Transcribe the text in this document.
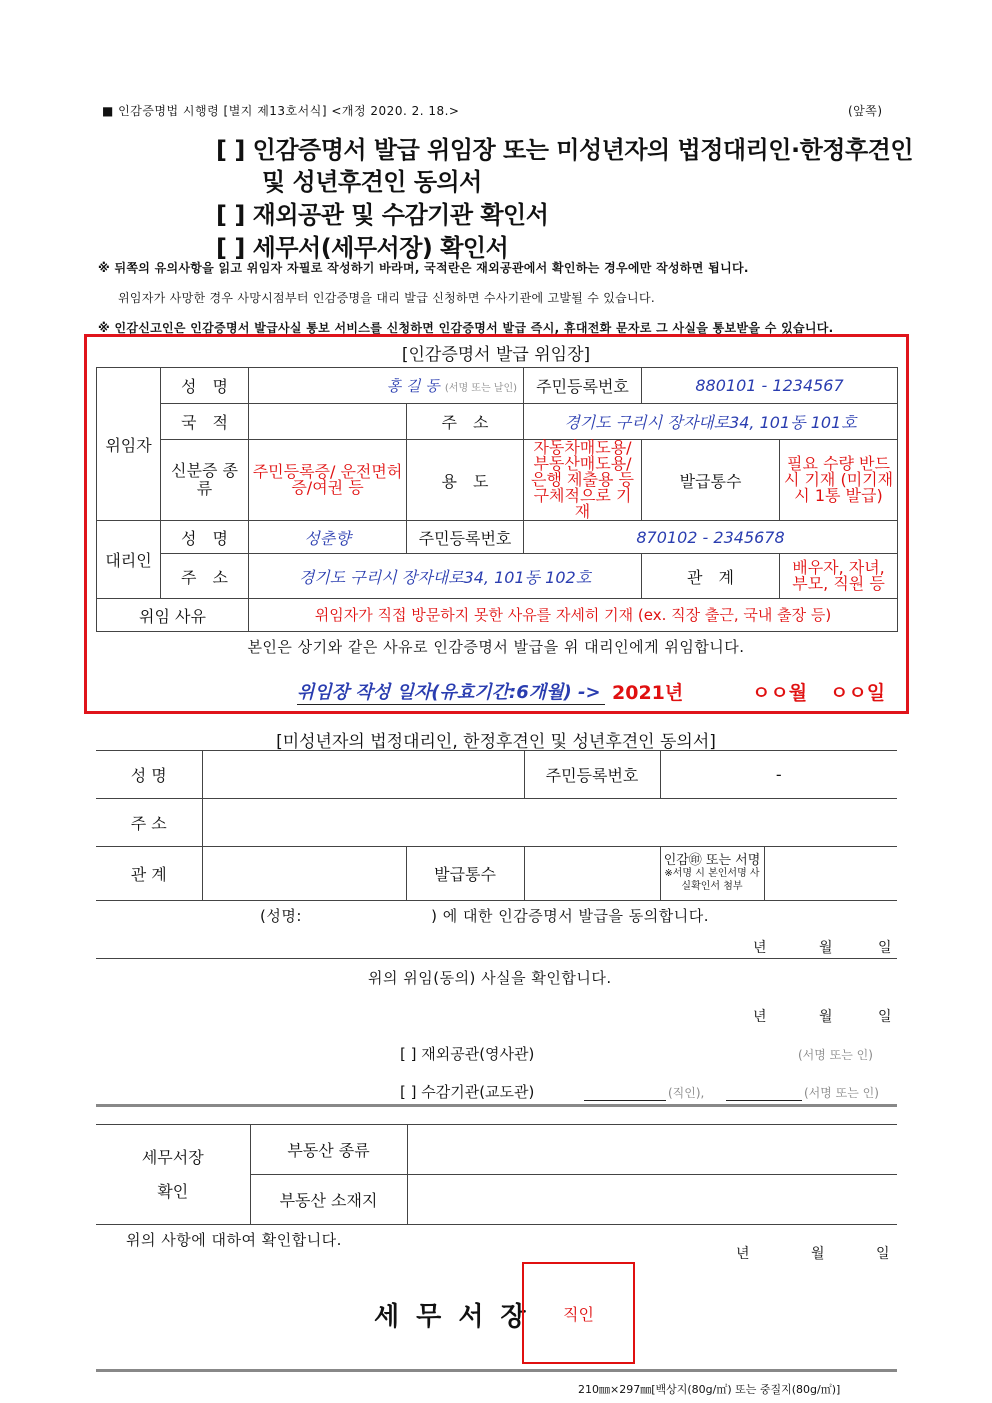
■ 인감증명법 시행령 [별지 제13호서식] <개정 2020. 2. 18.>	(앞쪽)
[ ] 인감증명서 발급 위임장 또는 미성년자의 법정대리인·한정후견인
및 성년후견인 동의서
[ ] 재외공관 및 수감기관 확인서
[ ] 세무서(세무서장) 확인서
※ 뒤쪽의 유의사항을 읽고 위임자 자필로 작성하기 바라며, 국적란은 재외공관에서 확인하는 경우에만 작성하면 됩니다.
위임자가 사망한 경우 사망시점부터 인감증명을 대리 발급 신청하면 수사기관에 고발될 수 있습니다.
※ 인감신고인은 인감증명서 발급사실 통보 서비스를 신청하면 인감증명서 발급 즉시, 휴대전화 문자로 그 사실을 통보받을 수 있습니다.
[인감증명서 발급 위임장]
위임자	성　명	홍 길 동 (서명 또는 날인)		주민등록번호	880101 - 1234567	
	국　적		주　소	경기도 구리시 장자대로34, 101동 101호		
	신분증 종　류	주민등록증/ 운전면허증/여권 등	용　도	자동차매도용/ 부동산매도용/ 은행 제출용 등 구체적으로 기재	발급통수	필요 수량 반드시 기재 (미기재시 1통 발급)
대리인	성　명	성춘향	주민등록번호	870102 - 2345678		
	주　소	경기도 구리시 장자대로34, 101동 102호			관　계	배우자, 자녀, 부모, 직원 등
위임 사유		위임자가 직접 방문하지 못한 사유를 자세히 기재 (ex. 직장 출근, 국내 출장 등)				
본인은 상기와 같은 사유로 인감증명서 발급을 위 대리인에게 위임합니다.
위임장 작성 일자(유효기간:6개월) -> 2021년	ㅇㅇ월 ㅇㅇ일
[미성년자의 법정대리인, 한정후견인 및 성년후견인 동의서]
성 명			주민등록번호	-	
주 소					
관 계		발급통수		인감㊞ 또는 서명
※서명 시 본인서명 사실확인서 첨부	

(성명:　　　　　　　　 ) 에 대한 인감증명서 발급을 동의합니다.
년	월	일
위의 위임(동의) 사실을 확인합니다.
년	월	일
[ ] 재외공관(영사관)	(서명 또는 인)
[ ] 수감기관(교도관)	(직인),	(서명 또는 인)
세무서장
확인	부동산 종류	
	부동산 소재지	
위의 사항에 대하여 확인합니다.
년	월	일
세 무 서 장	직인
210㎜×297㎜[백상지(80g/㎡) 또는 중질지(80g/㎡)]
